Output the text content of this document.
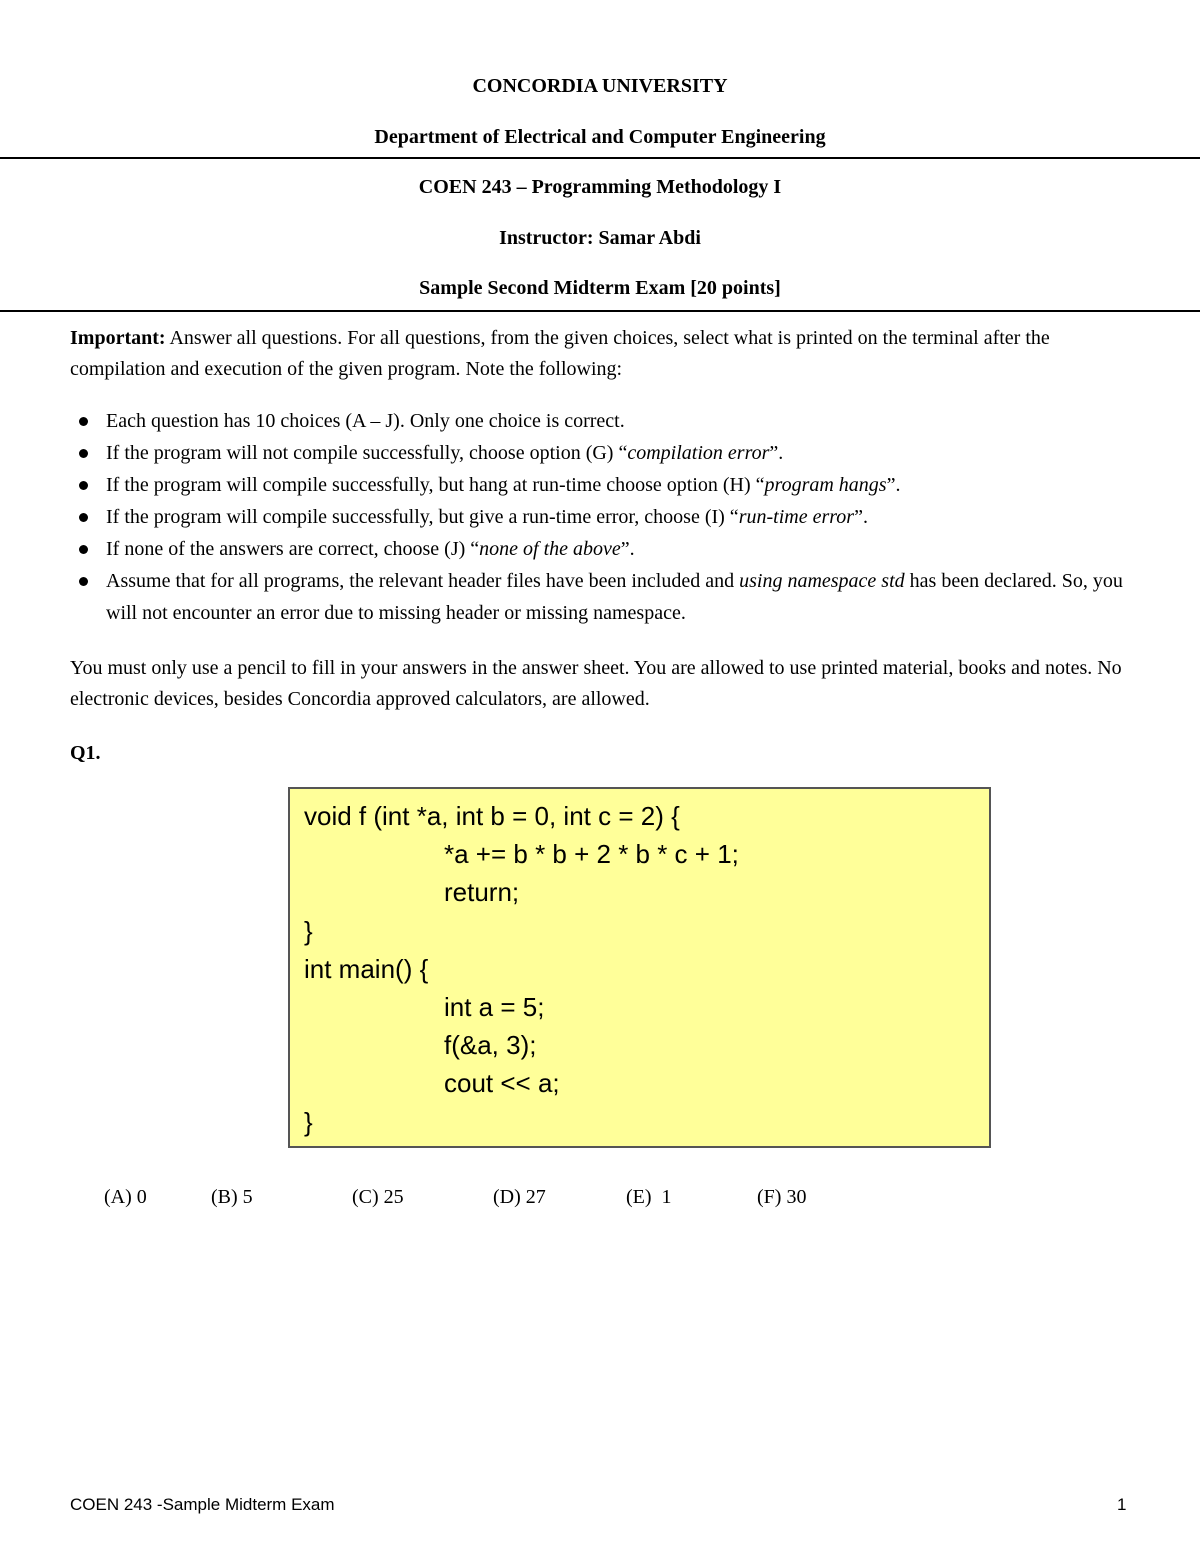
CONCORDIA UNIVERSITY
Department of Electrical and Computer Engineering
COEN 243 – Programming Methodology I
Instructor: Samar Abdi
Sample Second Midterm Exam [20 points]
Important: Answer all questions. For all questions, from the given choices, select what is printed on the terminal after the compilation and execution of the given program. Note the following:
Each question has 10 choices (A – J). Only one choice is correct.
If the program will not compile successfully, choose option (G) “compilation error”.
If the program will compile successfully, but hang at run-time choose option (H) “program hangs”.
If the program will compile successfully, but give a run-time error, choose (I) “run-time error”.
If none of the answers are correct, choose (J) “none of the above”.
Assume that for all programs, the relevant header files have been included and using namespace std has been declared. So, you will not encounter an error due to missing header or missing namespace.
You must only use a pencil to fill in your answers in the answer sheet. You are allowed to use printed material, books and notes. No electronic devices, besides Concordia approved calculators, are allowed.
Q1.
void f (int *a, int b = 0, int c = 2) {
*a += b * b + 2 * b * c + 1;
return;
}
int main() {
int a = 5;
f(&a, 3);
cout << a;
}
(A) 0	(B) 5	(C) 25	(D) 27	(E)  1	(F) 30
COEN 243 -Sample Midterm Exam	1
